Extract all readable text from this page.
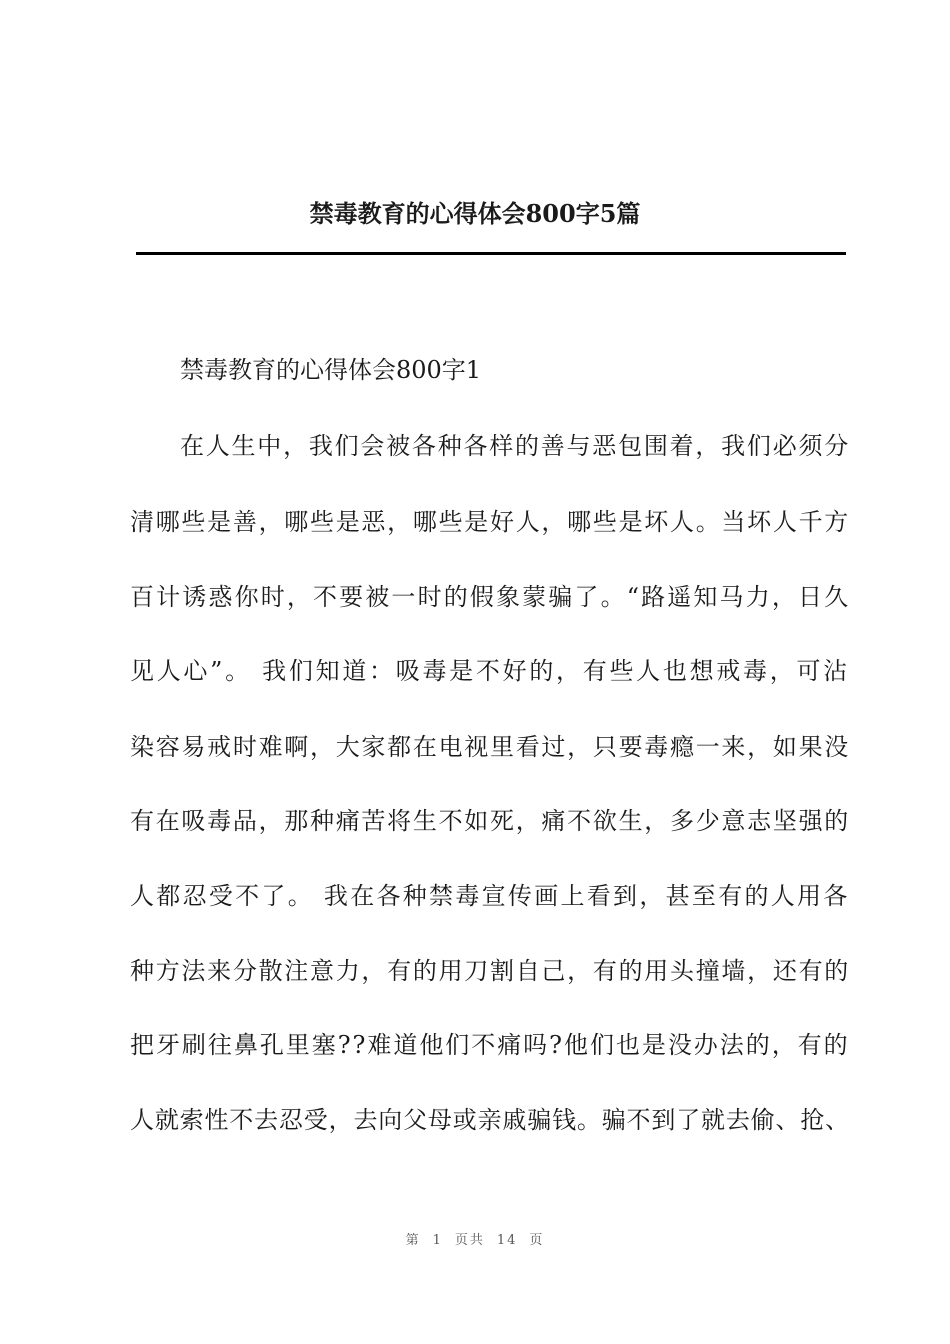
禁毒教育的心得体会800字5篇

禁毒教育的心得体会800字1

在人生中，我们会被各种各样的善与恶包围着，我们必须分

清哪些是善，哪些是恶，哪些是好人，哪些是坏人。当坏人千方

百计诱惑你时，不要被一时的假象蒙骗了。“路遥知马力，日久

见人心”。 我们知道：吸毒是不好的，有些人也想戒毒，可沾

染容易戒时难啊，大家都在电视里看过，只要毒瘾一来，如果没

有在吸毒品，那种痛苦将生不如死，痛不欲生，多少意志坚强的

人都忍受不了。 我在各种禁毒宣传画上看到，甚至有的人用各

种方法来分散注意力，有的用刀割自己，有的用头撞墙，还有的

把牙刷往鼻孔里塞??难道他们不痛吗?他们也是没办法的，有的

人就索性不去忍受，去向父母或亲戚骗钱。骗不到了就去偷、抢、

第 1 页共 14 页
